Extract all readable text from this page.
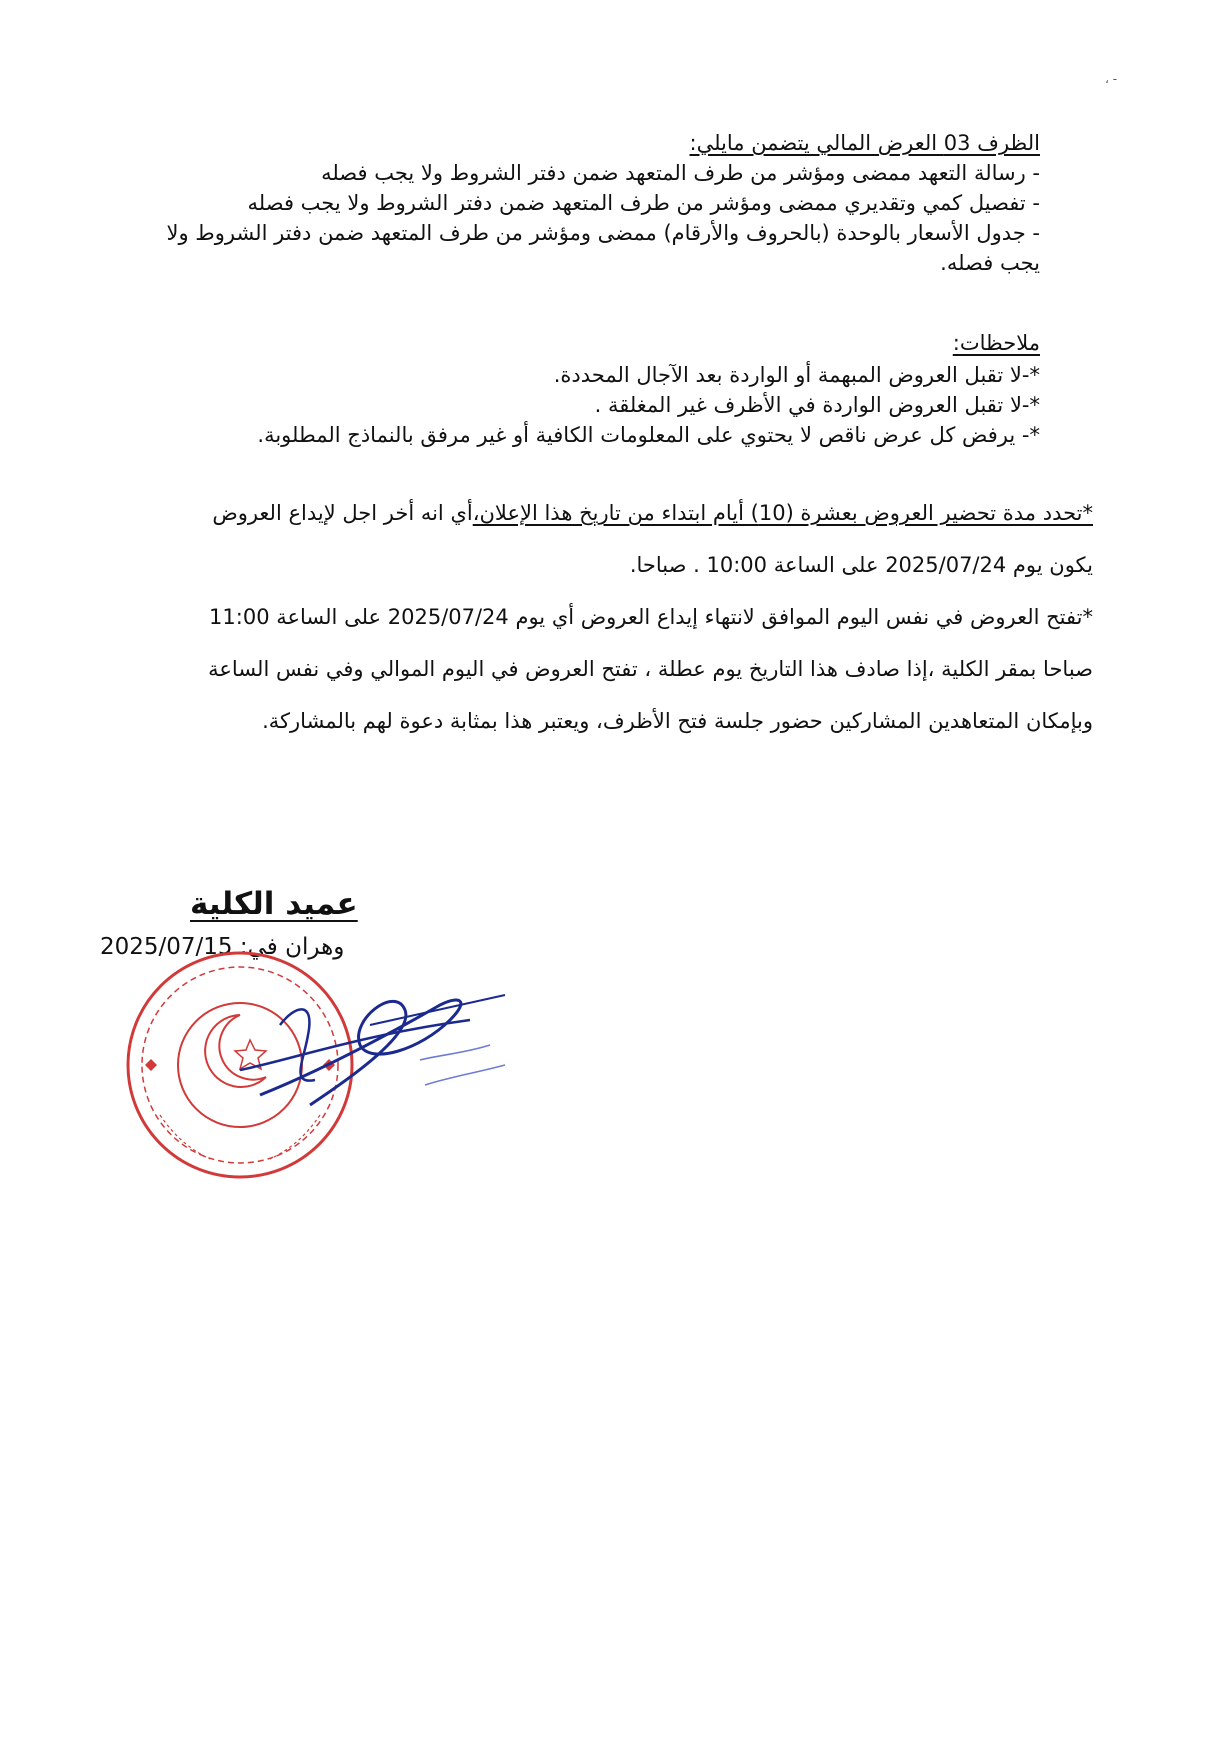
‐ ،
الظرف 03 العرض المالي يتضمن مايلي:
- رسالة التعهد ممضى ومؤشر من طرف المتعهد ضمن دفتر الشروط ولا يجب فصله
- تفصيل كمي وتقديري ممضى ومؤشر من طرف المتعهد ضمن دفتر الشروط ولا يجب فصله
- جدول الأسعار بالوحدة (بالحروف والأرقام) ممضى ومؤشر من طرف المتعهد ضمن دفتر الشروط ولا
يجب فصله.
ملاحظات:
*-لا تقبل العروض المبهمة أو الواردة بعد الآجال المحددة.
*-لا تقبل العروض الواردة في الأظرف غير المغلقة .
*- يرفض كل عرض ناقص لا يحتوي على المعلومات الكافية أو غير مرفق بالنماذج المطلوبة.
*تحدد مدة تحضير العروض بعشرة (10) أيام ابتداء من تاريخ هذا الإعلان،أي انه أخر اجل لإيداع العروض
يكون يوم 2025/07/24 على الساعة 10:00 . صباحا.
*تفتح العروض في نفس اليوم الموافق لانتهاء إيداع العروض أي يوم 2025/07/24 على الساعة 11:00
صباحا بمقر الكلية ،إذا صادف هذا التاريخ يوم عطلة ، تفتح العروض في اليوم الموالي وفي نفس الساعة
وبإمكان المتعاهدين المشاركين حضور جلسة فتح الأظرف، ويعتبر هذا بمثابة دعوة لهم بالمشاركة.
عميد الكلية
وهران في: 2025/07/15
